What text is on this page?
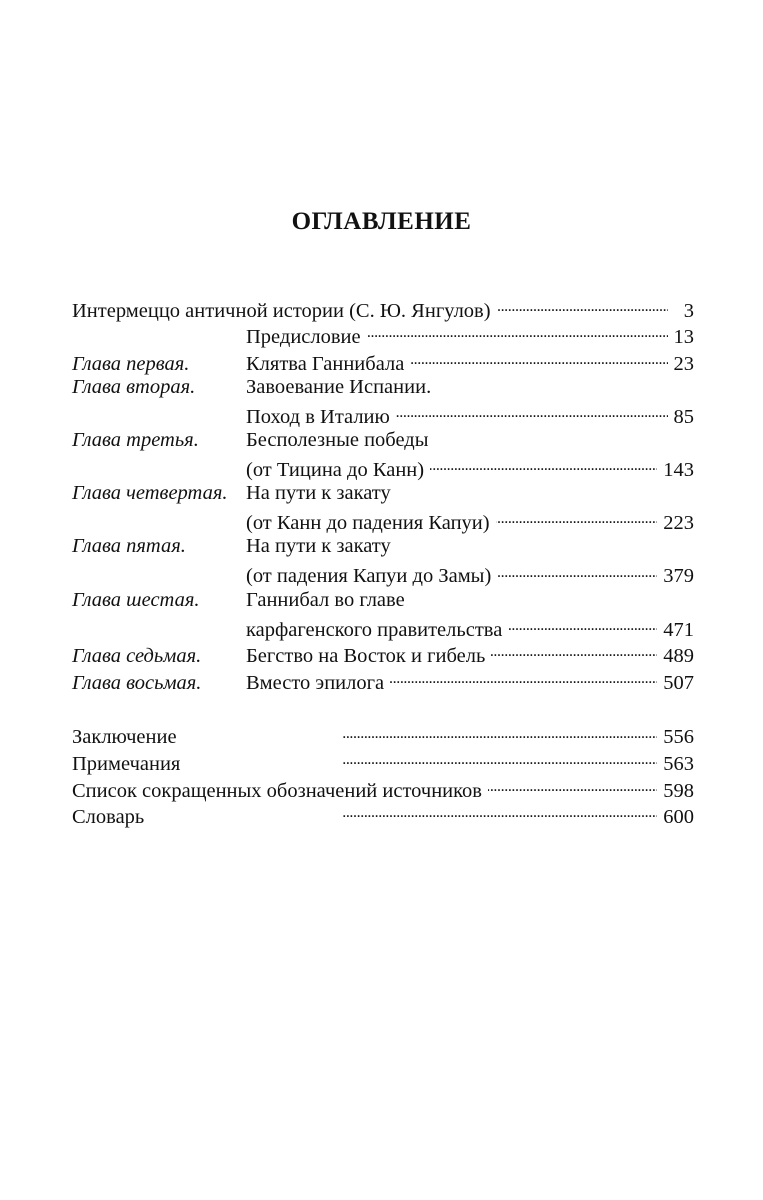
ОГЛАВЛЕНИЕ
Интермеццо античной истории (С. Ю. Янгулов) . . .	3
Предисловие . . .	13
Глава первая.	Клятва Ганнибала . . .	23
Глава вторая.	Завоевание Испании.
Поход в Италию . . .	85
Глава третья.	Бесполезные победы
(от Тицина до Канн) . . .	143
Глава четвертая. На пути к закату
(от Канн до падения Капуи) . . .	223
Глава пятая.	На пути к закату
(от падения Капуи до Замы) . . .	379
Глава шестая.	Ганнибал во главе
карфагенского правительства . . .	471
Глава седьмая.	Бегство на Восток и гибель . . .	489
Глава восьмая.	Вместо эпилога . . .	507
Заключение . . .	556
Примечания . . .	563
Список сокращенных обозначений источников . . .	598
Словарь . . .	600
